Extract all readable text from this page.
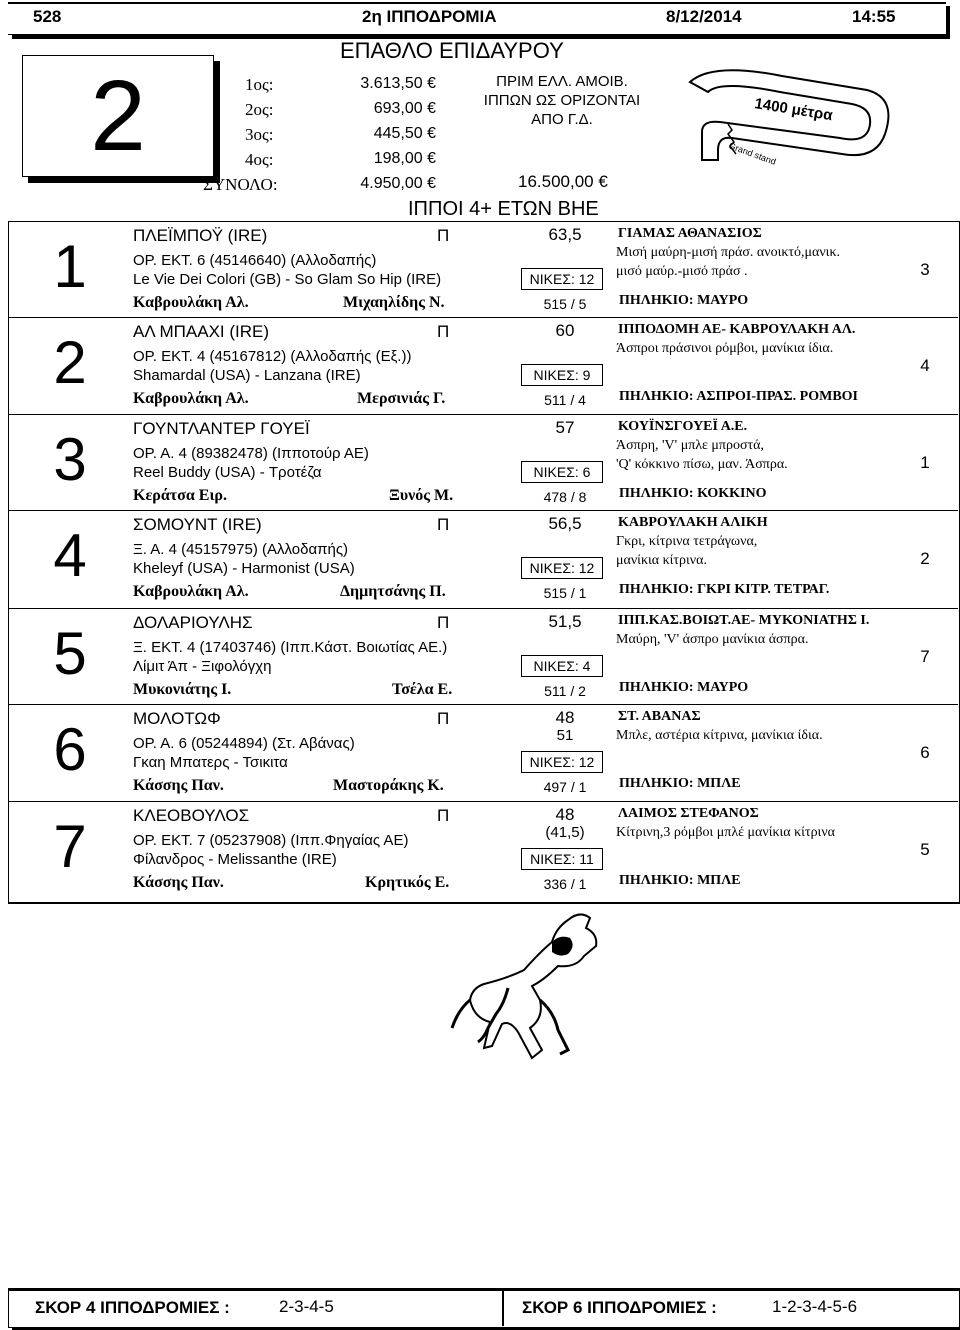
528	2η ΙΠΠΟΔΡΟΜΙΑ	8/12/2014	14:55
2
ΕΠΑΘΛΟ ΕΠΙΔΑΥΡΟΥ
1ος:	3.613,50 €
2ος:	693,00 €
3ος:	445,50 €
4ος:	198,00 €
ΣΥΝΟΛΟ:	4.950,00 €
ΠΡΙΜ ΕΛΛ. ΑΜΟΙΒ.
ΙΠΠΩΝ ΩΣ ΟΡΙΖΟΝΤΑΙ
ΑΠΟ Γ.Δ.
16.500,00 €
1400 μέτρα
Grand stand
ΙΠΠΟΙ 4+ ΕΤΩΝ ΒΗΕ
1	ΠΛΕΪΜΠΟΫ (IRE)	Π	63,5
ΟΡ. ΕΚΤ. 6 (45146640) (Αλλοδαπής)
Le Vie Dei Colori (GB) - So Glam So Hip (IRE)	ΝΙΚΕΣ: 12
Καβρουλάκη Αλ.	Μιχαηλίδης Ν.	515 / 5
ΓΙΑΜΑΣ ΑΘΑΝΑΣΙΟΣ
Μισή μαύρη-μισή πράσ. ανοικτό,μανικ.
μισό μαύρ.-μισό πράσ .
ΠΗΛΗΚΙΟ: ΜΑΥΡΟ
3
2	ΑΛ ΜΠΑΑΧΙ (IRE)	Π	60
ΟΡ. ΕΚΤ. 4 (45167812) (Αλλοδαπής (Εξ.))
Shamardal (USA) - Lanzana (IRE)	ΝΙΚΕΣ: 9
Καβρουλάκη Αλ.	Μερσινιάς Γ.	511 / 4
ΙΠΠΟΔΟΜΗ ΑΕ- ΚΑΒΡΟΥΛΑΚΗ ΑΛ.
Άσπροι πράσινοι ρόμβοι, μανίκια ίδια.
ΠΗΛΗΚΙΟ: ΑΣΠΡΟΙ-ΠΡΑΣ. ΡΟΜΒΟΙ
4
3	ΓΟΥΝΤΛΑΝΤΕΡ ΓΟΥΕΪ	57
ΟΡ. Α. 4 (89382478) (Ιπποτούρ ΑΕ)
Reel Buddy (USA) - Τροτέζα	ΝΙΚΕΣ: 6
Κεράτσα Ειρ.	Ξυνός Μ.	478 / 8
ΚΟΥΪΝΣΓΟΥΕΪ Α.Ε.
Άσπρη, 'V' μπλε μπροστά,
'Q' κόκκινο πίσω, μαν. Άσπρα.
ΠΗΛΗΚΙΟ: ΚΟΚΚΙΝΟ
1
4	ΣΟΜΟΥΝΤ (IRE)	Π	56,5
Ξ. Α. 4 (45157975) (Αλλοδαπής)
Kheleyf (USA) - Harmonist (USA)	ΝΙΚΕΣ: 12
Καβρουλάκη Αλ.	Δημητσάνης Π.	515 / 1
ΚΑΒΡΟΥΛΑΚΗ ΑΛΙΚΗ
Γκρι, κίτρινα τετράγωνα,
μανίκια κίτρινα.
ΠΗΛΗΚΙΟ: ΓΚΡΙ ΚΙΤΡ. ΤΕΤΡΑΓ.
2
5	ΔΟΛΑΡΙΟΥΛΗΣ	Π	51,5
Ξ. ΕΚΤ. 4 (17403746) (Ιππ.Κάστ. Βοιωτίας ΑΕ.)
Λίμιτ Άπ - Ξιφολόγχη	ΝΙΚΕΣ: 4
Μυκονιάτης Ι.	Τσέλα Ε.	511 / 2
ΙΠΠ.ΚΑΣ.ΒΟΙΩΤ.ΑΕ- ΜΥΚΟΝΙΑΤΗΣ Ι.
Μαύρη, 'V' άσπρο μανίκια άσπρα.
ΠΗΛΗΚΙΟ: ΜΑΥΡΟ
7
6	ΜΟΛΟΤΩΦ	Π	48
51
ΟΡ. Α. 6 (05244894) (Στ. Αβάνας)
Γκαη Μπατερς - Τσικιτα	ΝΙΚΕΣ: 12
Κάσσης Παν.	Μαστοράκης Κ.	497 / 1
ΣΤ. ΑΒΑΝΑΣ
Μπλε, αστέρια κίτρινα, μανίκια ίδια.
ΠΗΛΗΚΙΟ: ΜΠΛΕ
6
7	ΚΛΕΟΒΟΥΛΟΣ	Π	48
(41,5)
ΟΡ. ΕΚΤ. 7 (05237908) (Ιππ.Φηγαίας ΑΕ)
Φίλανδρος - Melissanthe (IRE)	ΝΙΚΕΣ: 11
Κάσσης Παν.	Κρητικός Ε.	336 / 1
ΛΑΙΜΟΣ ΣΤΕΦΑΝΟΣ
Κίτρινη,3 ρόμβοι μπλέ μανίκια κίτρινα
ΠΗΛΗΚΙΟ: ΜΠΛΕ
5
ΣΚΟΡ 4 ΙΠΠΟΔΡΟΜΙΕΣ :	2-3-4-5	ΣΚΟΡ 6 ΙΠΠΟΔΡΟΜΙΕΣ :	1-2-3-4-5-6
